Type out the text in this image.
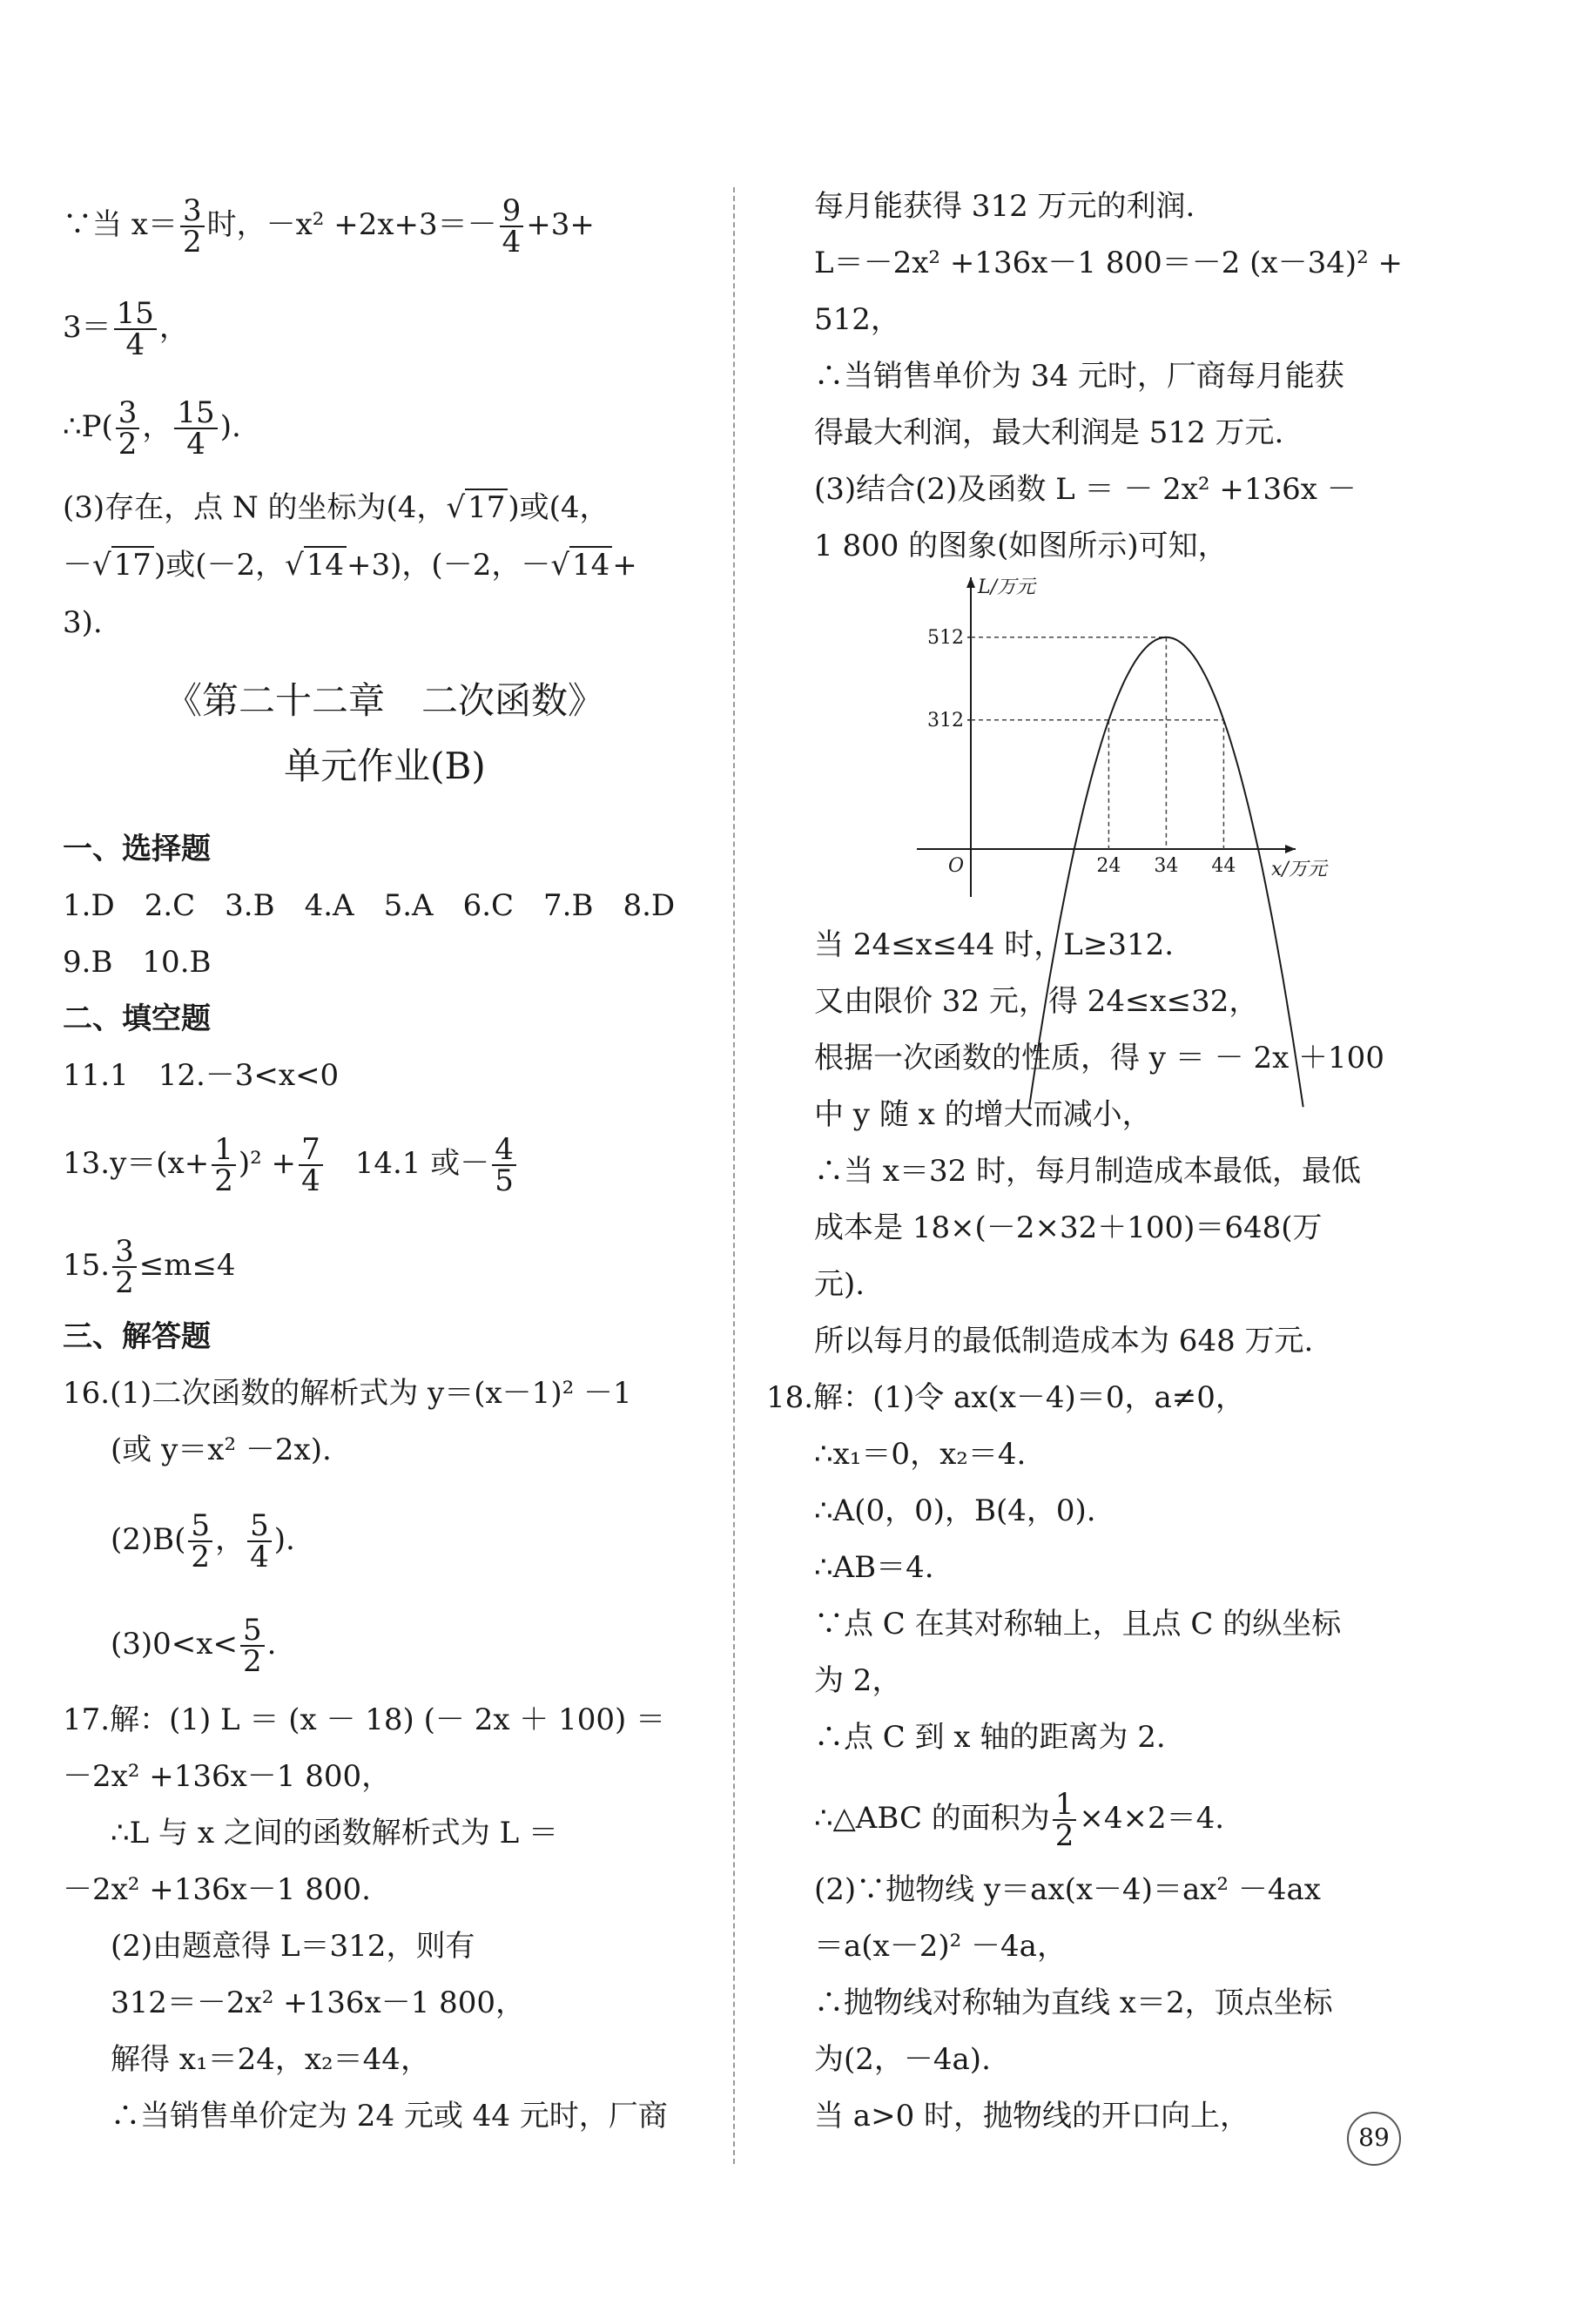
∵当 $x= \frac{3}{2}$ 时，$-x^2 +2x+3=- \frac{9}{4} +3+$
$3= \frac{15}{4}$ ，
∴P( $\frac{3}{2}$ ， $\frac{15}{4}$ ).
(3)存在，点 N 的坐标为(4，√17)或(4，
－√17)或(－2，√14+3)，(－2，－√14+
3).
《第二十二章　二次函数》
单元作业(B)
一、选择题
1.D　2.C　3.B　4.A　5.A　6.C　7.B　8.D
9.B　10.B
二、填空题
11.1　12.－3<x<0
$13.y=(x+ \frac{1}{2} )^2 + \frac{7}{4}$ 　14.1 或－ $\frac{4}{5}$
15. $\frac{3}{2} \le m\le 4$
三、解答题
16.(1)二次函数的解析式为 y＝(x－1)² －1
(或 y＝x² －2x).
$(2)B( \frac{5}{2}$ ， $\frac{5}{4}$ ).
$(3)0<x< \frac{5}{2}$ .
17.解：(1) L ＝ (x － 18) (－ 2x ＋ 100) ＝
－2x² +136x－1 800，
∴L 与 x 之间的函数解析式为 L ＝
－2x² +136x－1 800.
(2)由题意得 L＝312，则有
312＝－2x² +136x－1 800，
解得 x₁＝24，x₂＝44，
∴当销售单价定为 24 元或 44 元时，厂商
每月能获得 312 万元的利润.
L＝－2x² +136x－1 800＝－2 (x－34)² +
512，
∴当销售单价为 34 元时，厂商每月能获
得最大利润，最大利润是 512 万元.
(3)结合(2)及函数 L ＝ － 2x² +136x －
1 800 的图象(如图所示)可知，
当 24≤x≤44 时，L≥312.
又由限价 32 元，得 24≤x≤32，
根据一次函数的性质，得 y ＝ － 2x ＋100
中 y 随 x 的增大而减小，
∴当 x＝32 时，每月制造成本最低，最低
成本是 18×(－2×32＋100)＝648(万
元).
所以每月的最低制造成本为 648 万元.
18.解：(1)令 ax(x－4)＝0，a≠0，
∴x₁＝0，x₂＝4.
∴A(0，0)，B(4，0).
∴AB＝4.
∵点 C 在其对称轴上，且点 C 的纵坐标
为 2，
∴点 C 到 x 轴的距离为 2.
∴△ABC 的面积为 $\frac{1}{2} \times 4\times 2=4$.
(2)∵抛物线 y＝ax(x－4)＝ax² －4ax
＝a(x－2)² －4a，
∴抛物线对称轴为直线 x＝2，顶点坐标
为(2，－4a).
当 a>0 时，抛物线的开口向上，
24 34 44
312
512
O
L/万元
x/万元
89
